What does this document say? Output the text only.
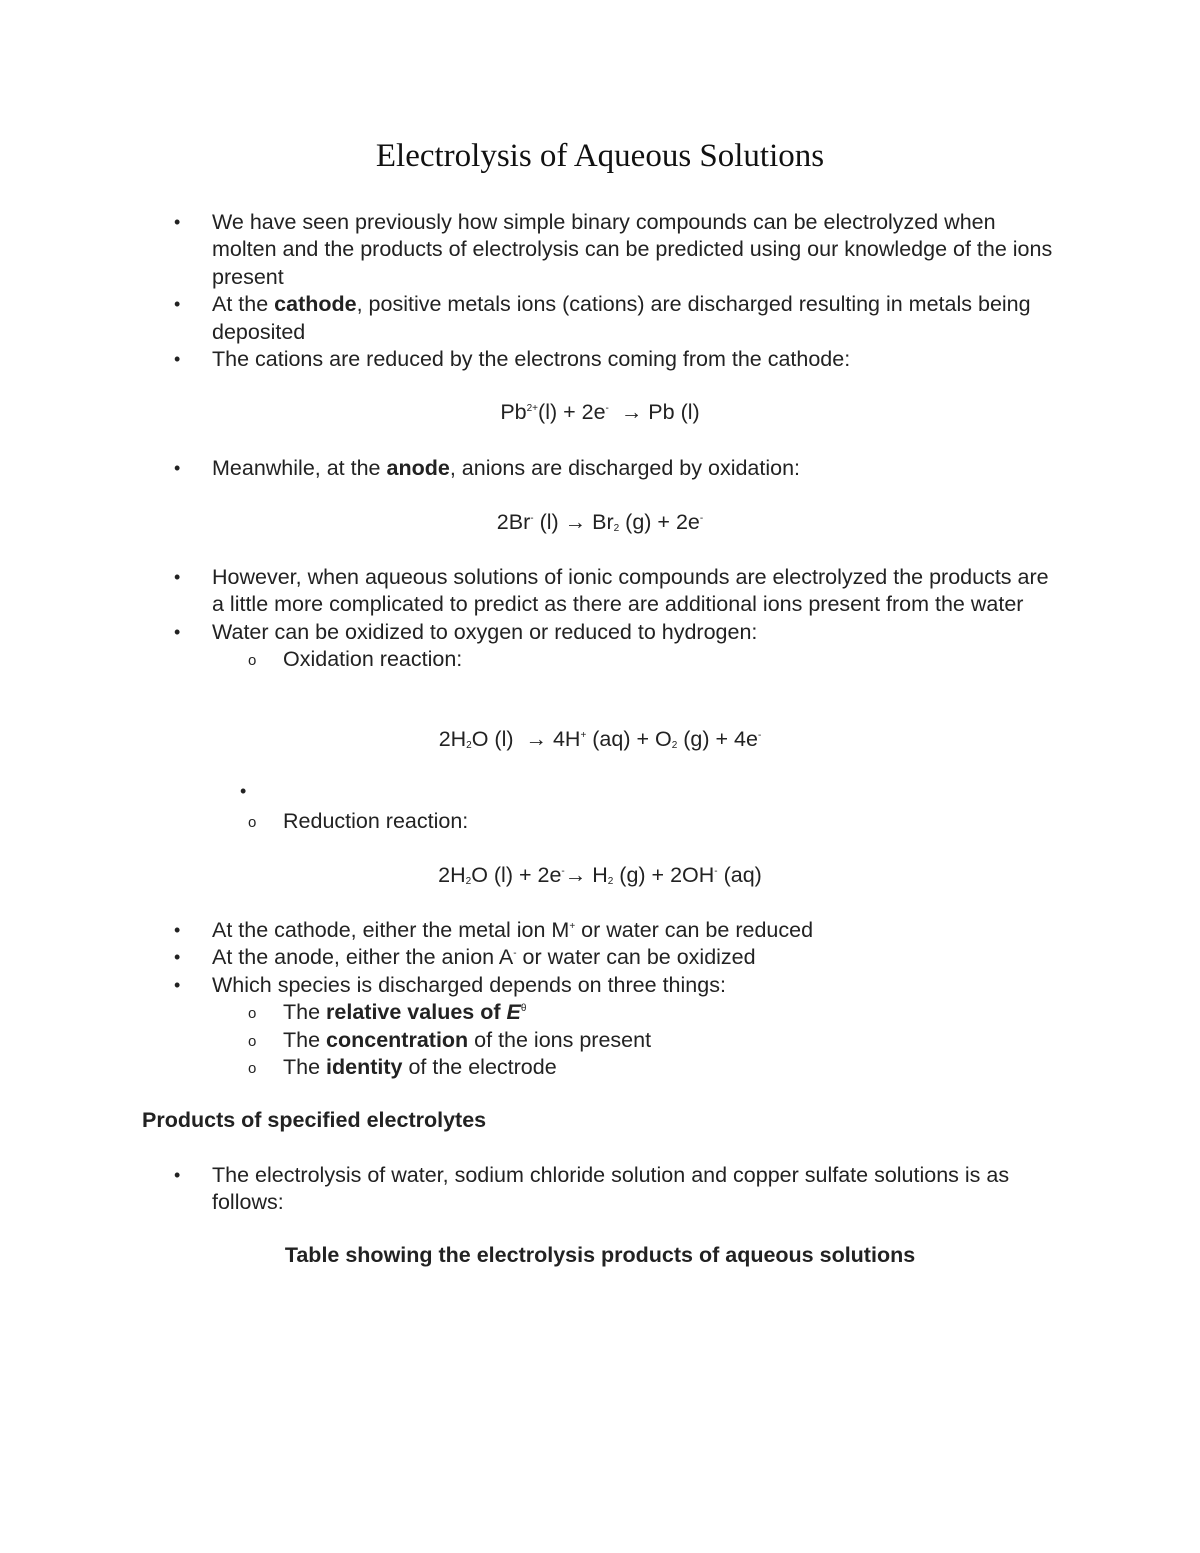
Electrolysis of Aqueous Solutions
• We have seen previously how simple binary compounds can be electrolyzed when molten and the products of electrolysis can be predicted using our knowledge of the ions present
• At the cathode, positive metals ions (cations) are discharged resulting in metals being deposited
• The cations are reduced by the electrons coming from the cathode:
$Pb^{2+}(l) + 2e^- \to Pb$ (l)
• Meanwhile, at the anode, anions are discharged by oxidation:
2Br- $(l) \to Br_2$ (g) + 2e-
• However, when aqueous solutions of ionic compounds are electrolyzed the products are a little more complicated to predict as there are additional ions present from the water
• Water can be oxidized to oxygen or reduced to hydrogen:
o Oxidation reaction:
$2H_2O$ (l)  → 4H+ $(aq) + O_2$ (g) + 4e-
•
o Reduction reaction:
$2H_2O$ $(l) + 2e^-\to H_2$ (g) + 2OH- (aq)
• At the cathode, either the metal ion M+ or water can be reduced
• At the anode, either the anion A- or water can be oxidized
• Which species is discharged depends on three things:
o The relative values of $E^\theta$
o The concentration of the ions present
o The identity of the electrode
Products of specified electrolytes
• The electrolysis of water, sodium chloride solution and copper sulfate solutions is as follows:
Table showing the electrolysis products of aqueous solutions
